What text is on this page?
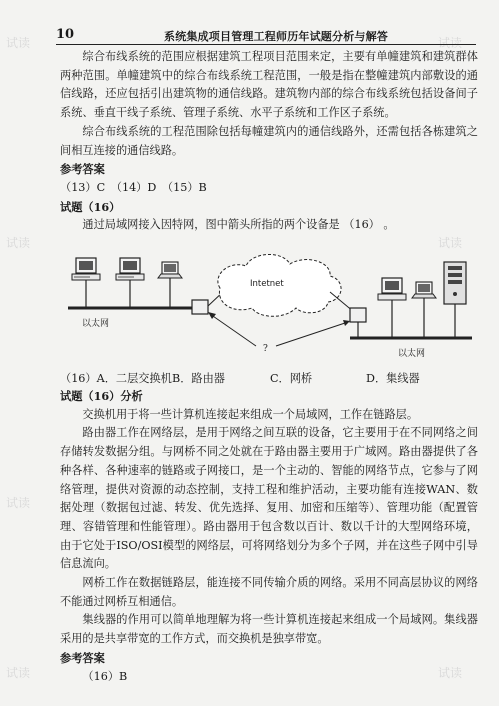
试读	试读
试读	试读
试读
试读	试读
10	系统集成项目管理工程师历年试题分析与解答

综合布线系统的范围应根据建筑工程项目范围来定，主要有单幢建筑和建筑群体两种范围。单幢建筑中的综合布线系统工程范围，一般是指在整幢建筑内部敷设的通信线路，还应包括引出建筑物的通信线路。建筑物内部的综合布线系统包括设备间子系统、垂直干线子系统、管理子系统、水平子系统和工作区子系统。

综合布线系统的工程范围除包括每幢建筑内的通信线路外，还需包括各栋建筑之间相互连接的通信线路。

参考答案

（13）C　（14）D　（15）B

试题（16）

通过局域网接入因特网，图中箭头所指的两个设备是 （16） 。

Intetnet
?
以太网
以太网
（16）A．二层交换机B．路由器	C．网桥	D．集线器

试题（16）分析

交换机用于将一些计算机连接起来组成一个局域网，工作在链路层。

路由器工作在网络层，是用于网络之间互联的设备，它主要用于在不同网络之间存储转发数据分组。与网桥不同之处就在于路由器主要用于广域网。路由器提供了各种各样、各种速率的链路或子网接口，是一个主动的、智能的网络节点，它参与了网络管理，提供对资源的动态控制，支持工程和维护活动，主要功能有连接WAN、数据处理（数据包过滤、转发、优先选择、复用、加密和压缩等）、管理功能（配置管理、容错管理和性能管理）。路由器用于包含数以百计、数以千计的大型网络环境，由于它处于ISO/OSI模型的网络层，可将网络划分为多个子网，并在这些子网中引导信息流向。

网桥工作在数据链路层，能连接不同传输介质的网络。采用不同高层协议的网络不能通过网桥互相通信。

集线器的作用可以简单地理解为将一些计算机连接起来组成一个局域网。集线器采用的是共享带宽的工作方式，而交换机是独享带宽。

参考答案

（16）B
